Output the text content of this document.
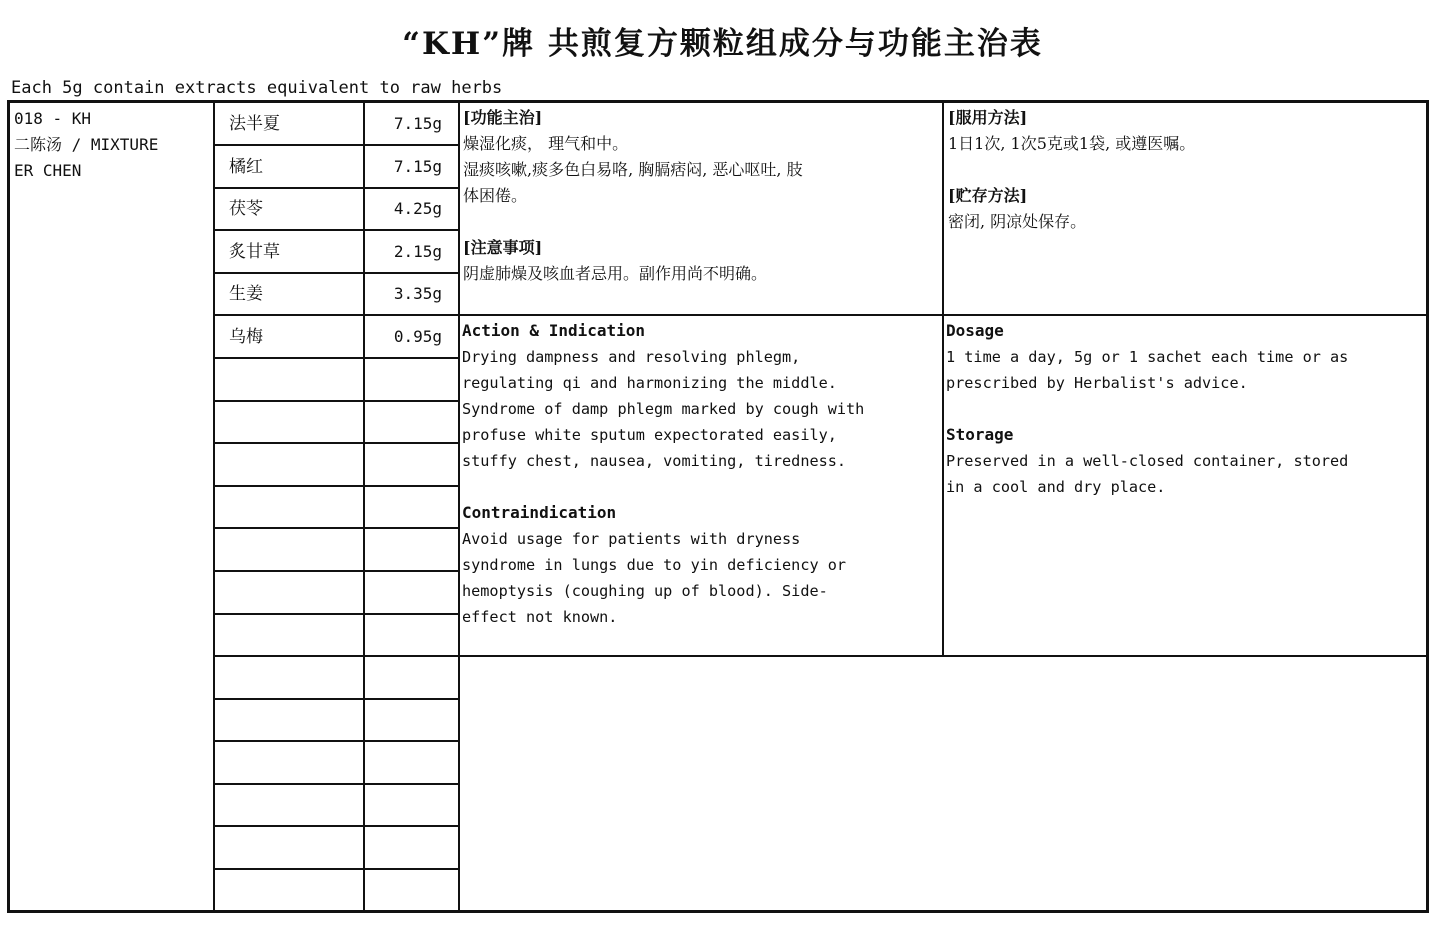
“KH”牌 共煎复方颗粒组成分与功能主治表
Each 5g contain extracts equivalent to raw herbs
018 - KH
二陈汤 / MIXTURE
ER CHEN
法半夏	7.15g
橘红	7.15g
茯苓	4.25g
炙甘草	2.15g
生姜	3.35g
乌梅	0.95g
[功能主治]
燥湿化痰， 理气和中。
湿痰咳嗽,痰多色白易咯, 胸膈痞闷, 恶心呕吐, 肢
体困倦。
[注意事项]
阴虚肺燥及咳血者忌用。副作用尚不明确。
[服用方法]
1日1次, 1次5克或1袋, 或遵医嘱。
[贮存方法]
密闭, 阴凉处保存。
Action & Indication
Drying dampness and resolving phlegm,
regulating qi and harmonizing the middle.
Syndrome of damp phlegm marked by cough with
profuse white sputum expectorated easily,
stuffy chest, nausea, vomiting, tiredness.
Contraindication
Avoid usage for patients with dryness
syndrome in lungs due to yin deficiency or
hemoptysis (coughing up of blood). Side-
effect not known.
Dosage
1 time a day, 5g or 1 sachet each time or as
prescribed by Herbalist's advice.
Storage
Preserved in a well-closed container, stored
in a cool and dry place.
